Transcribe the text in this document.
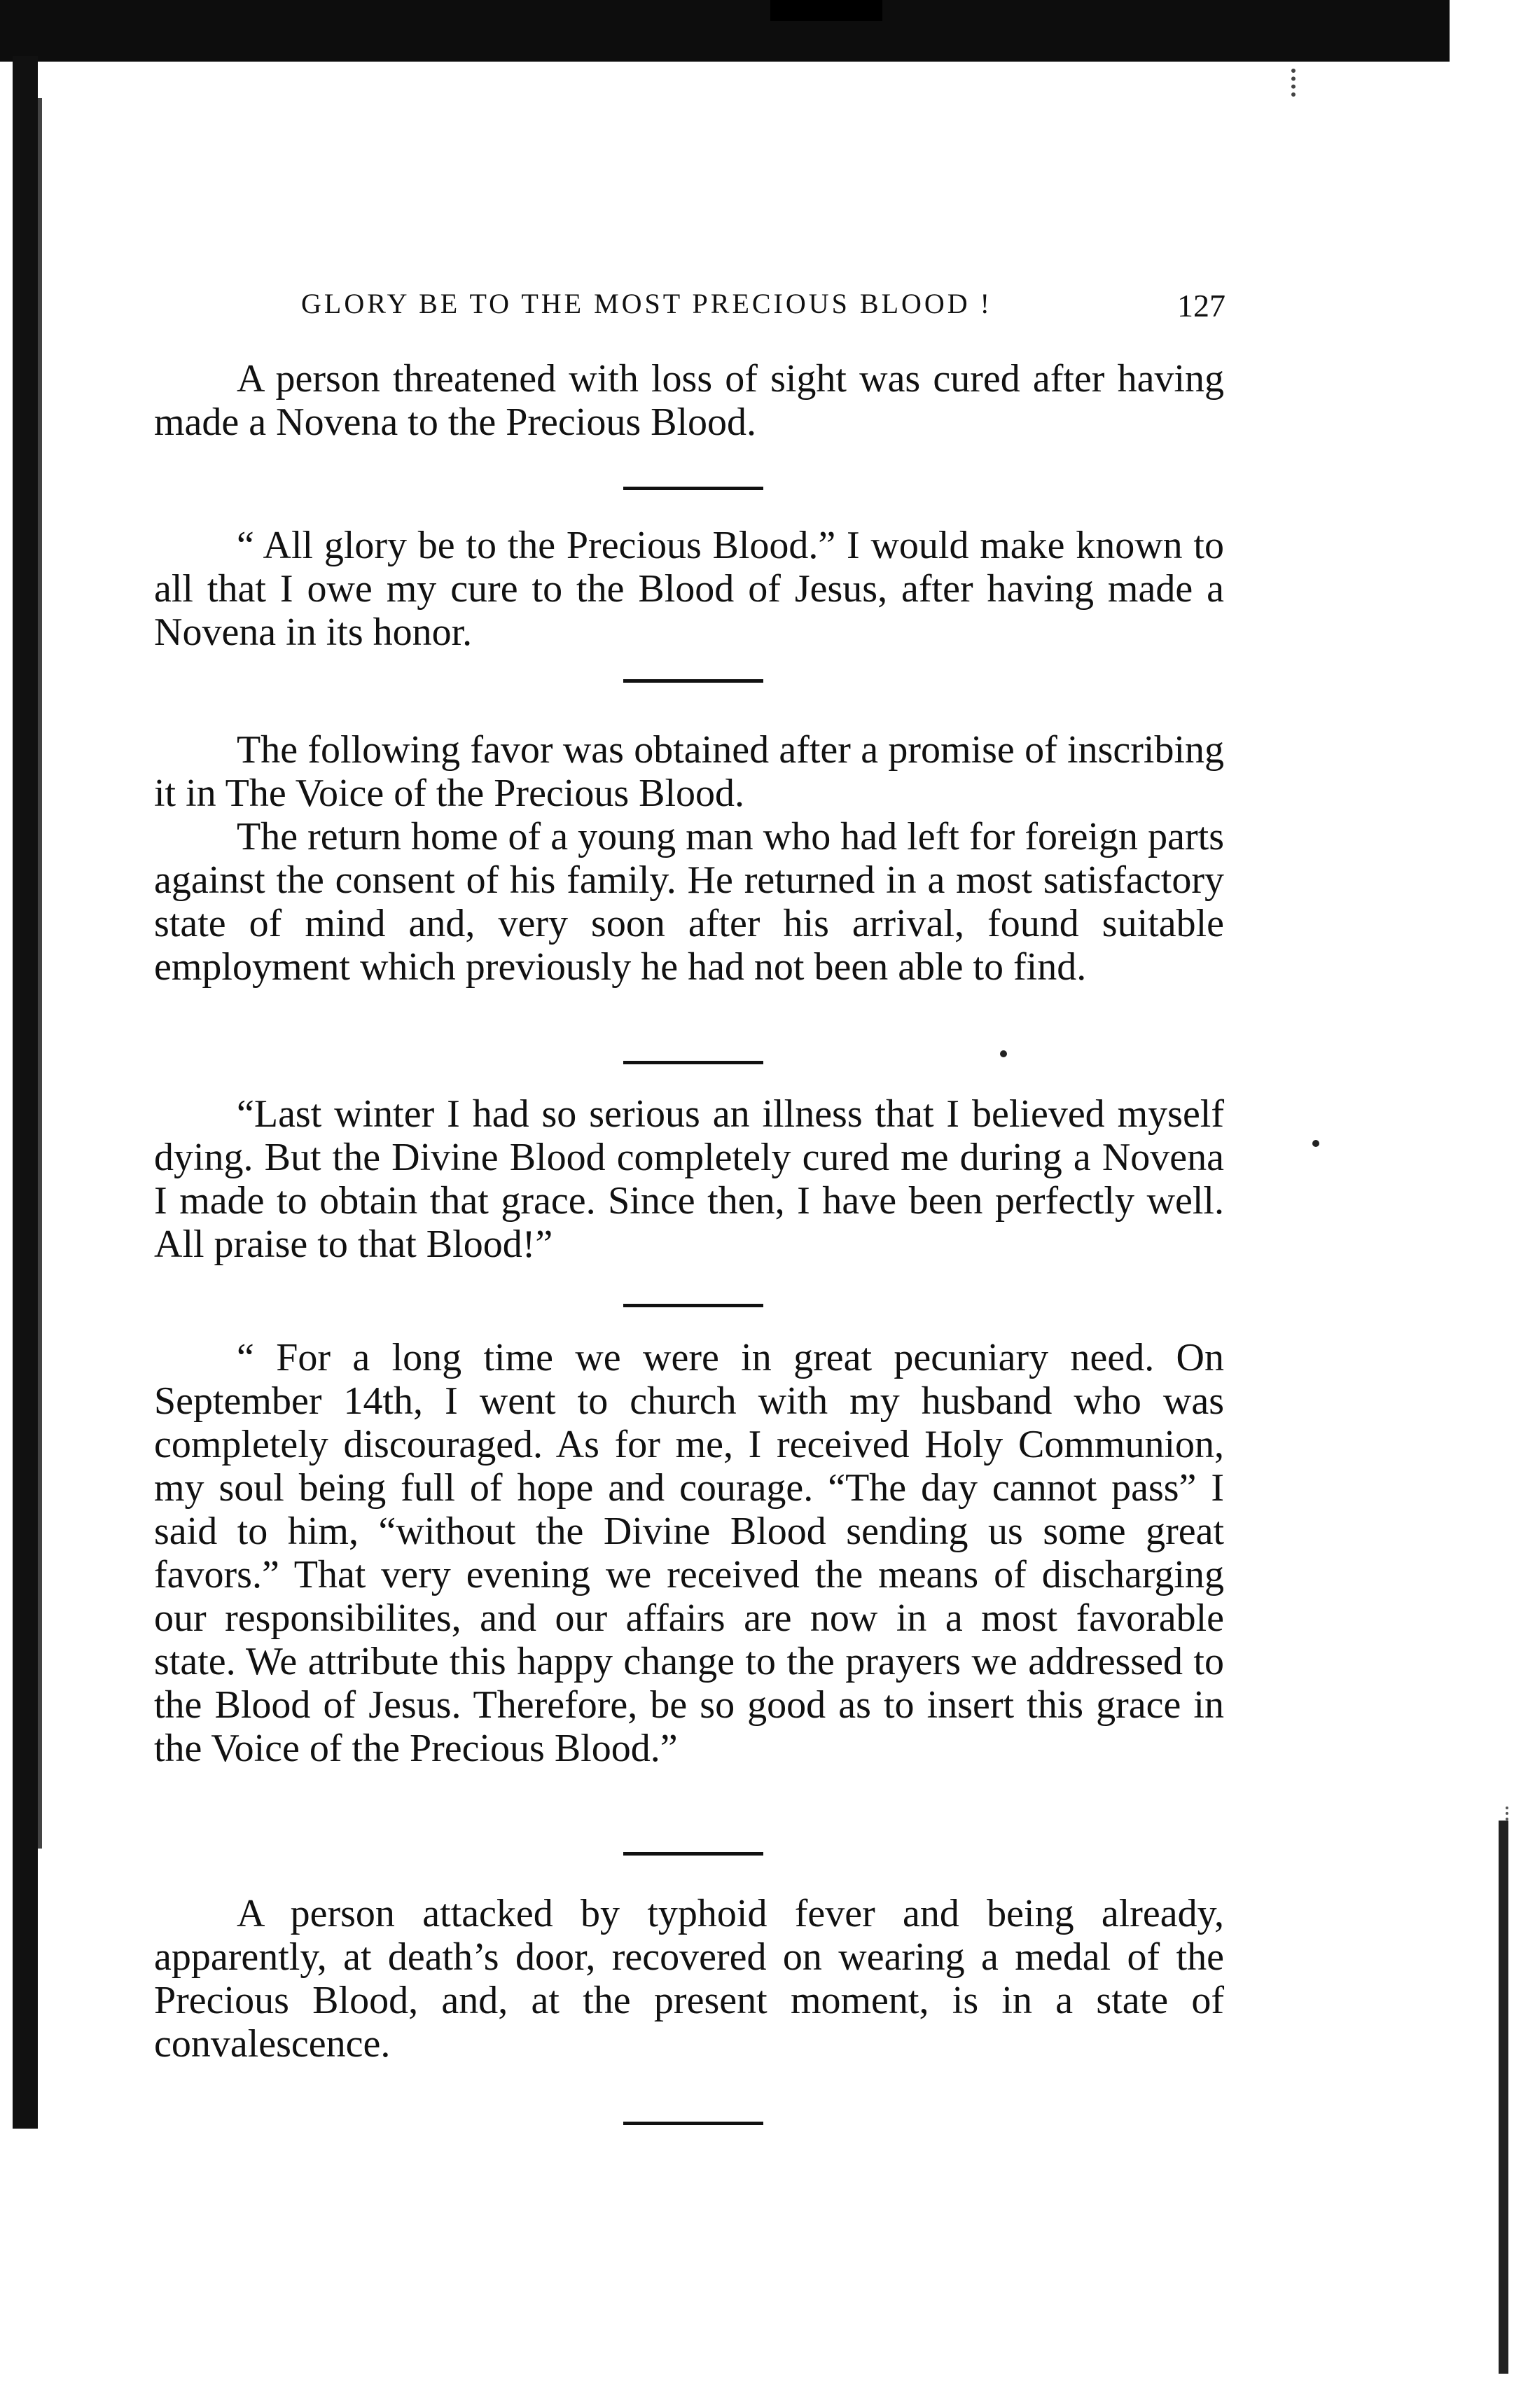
GLORY BE TO THE MOST PRECIOUS BLOOD !	127

A person threatened with loss of sight was cured after having made a Novena to the Precious Blood.

“ All glory be to the Precious Blood.” I would make known to all that I owe my cure to the Blood of Jesus, after having made a Novena in its honor.

The following favor was obtained after a promise of inscribing it in The Voice of the Precious Blood.

The return home of a young man who had left for foreign parts against the consent of his family. He returned in a most satisfactory state of mind and, very soon after his arrival, found suitable employment which previously he had not been able to find.

“Last winter I had so serious an illness that I believed myself dying. But the Divine Blood completely cured me during a Novena I made to obtain that grace. Since then, I have been perfectly well. All praise to that Blood!”

“ For a long time we were in great pecuniary need. On September 14th, I went to church with my husband who was completely discouraged. As for me, I received Holy Communion, my soul being full of hope and courage. “The day cannot pass” I said to him, “without the Divine Blood sending us some great favors.” That very evening we received the means of discharging our responsibilites, and our affairs are now in a most favorable state. We attribute this happy change to the prayers we addressed to the Blood of Jesus. Therefore, be so good as to insert this grace in the Voice of the Precious Blood.”

A person attacked by typhoid fever and being already, apparently, at death’s door, recovered on wearing a medal of the Precious Blood, and, at the present moment, is in a state of convalescence.
